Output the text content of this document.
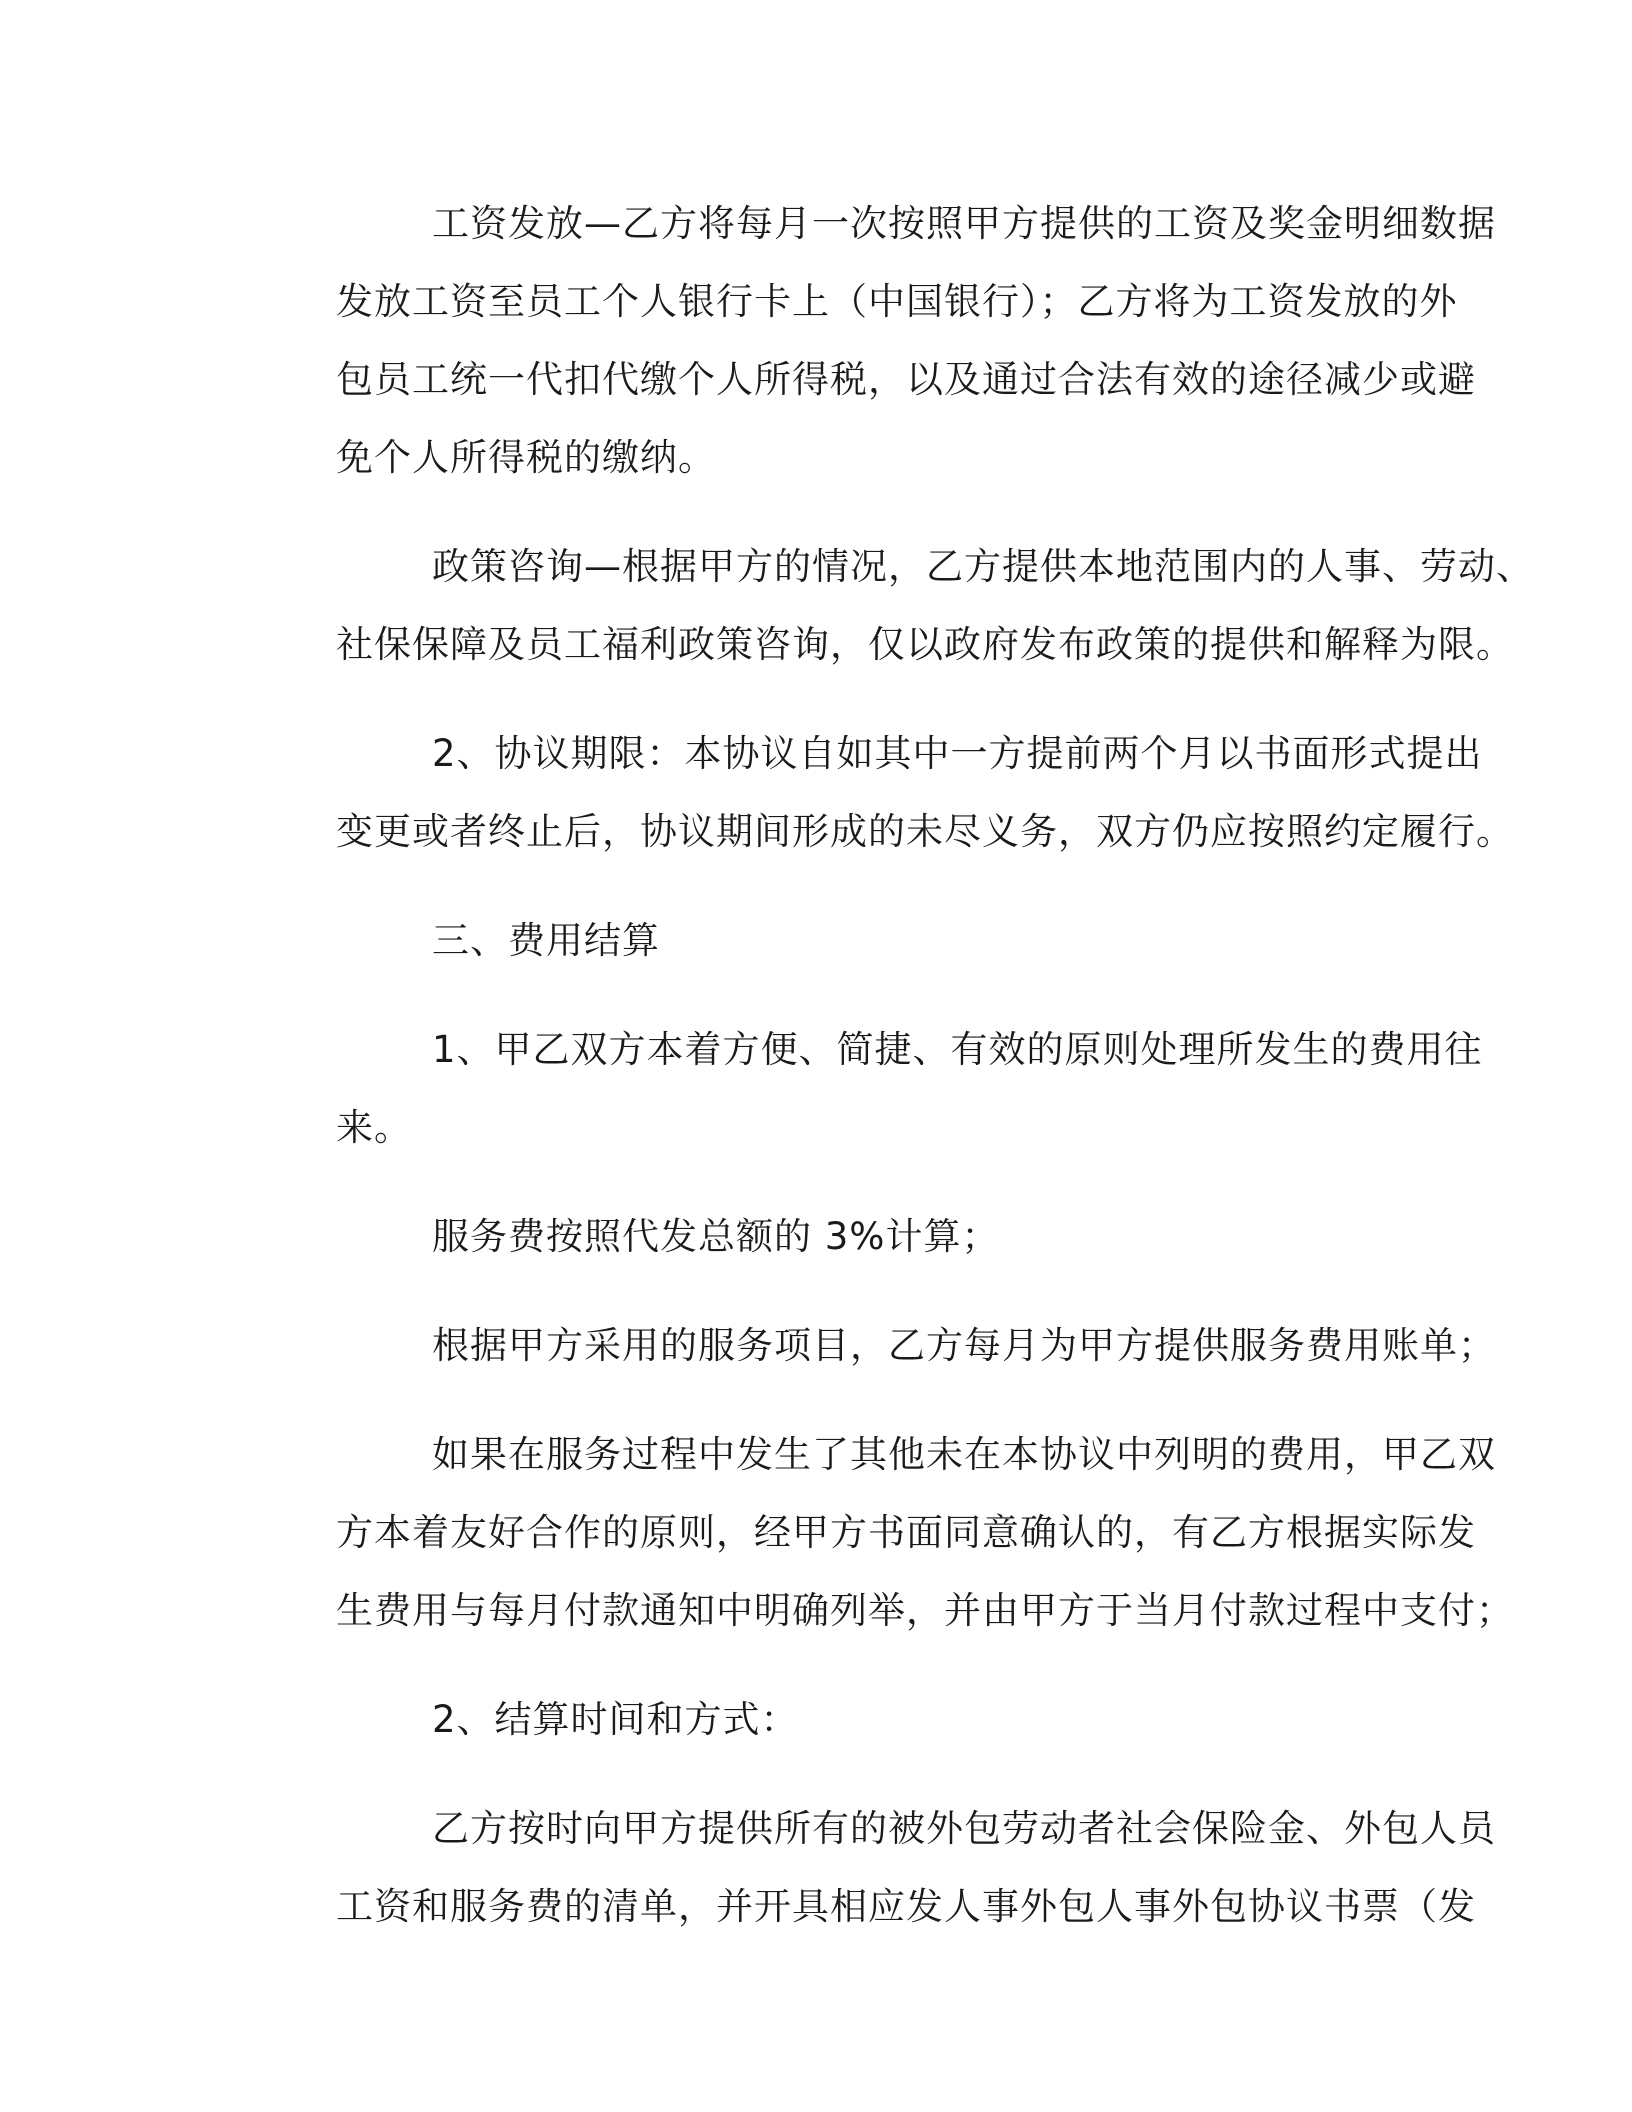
工资发放—乙方将每月一次按照甲方提供的工资及奖金明细数据
发放工资至员工个人银行卡上（中国银行）；乙方将为工资发放的外
包员工统一代扣代缴个人所得税，以及通过合法有效的途径减少或避
免个人所得税的缴纳。
政策咨询—根据甲方的情况，乙方提供本地范围内的人事、劳动、
社保保障及员工福利政策咨询，仅以政府发布政策的提供和解释为限。
2、协议期限：本协议自如其中一方提前两个月以书面形式提出
变更或者终止后，协议期间形成的未尽义务，双方仍应按照约定履行。
三、费用结算
1、甲乙双方本着方便、简捷、有效的原则处理所发生的费用往
来。
服务费按照代发总额的 3%计算；
根据甲方采用的服务项目，乙方每月为甲方提供服务费用账单；
如果在服务过程中发生了其他未在本协议中列明的费用，甲乙双
方本着友好合作的原则，经甲方书面同意确认的，有乙方根据实际发
生费用与每月付款通知中明确列举，并由甲方于当月付款过程中支付；
2、结算时间和方式：
乙方按时向甲方提供所有的被外包劳动者社会保险金、外包人员
工资和服务费的清单，并开具相应发人事外包人事外包协议书票（发
